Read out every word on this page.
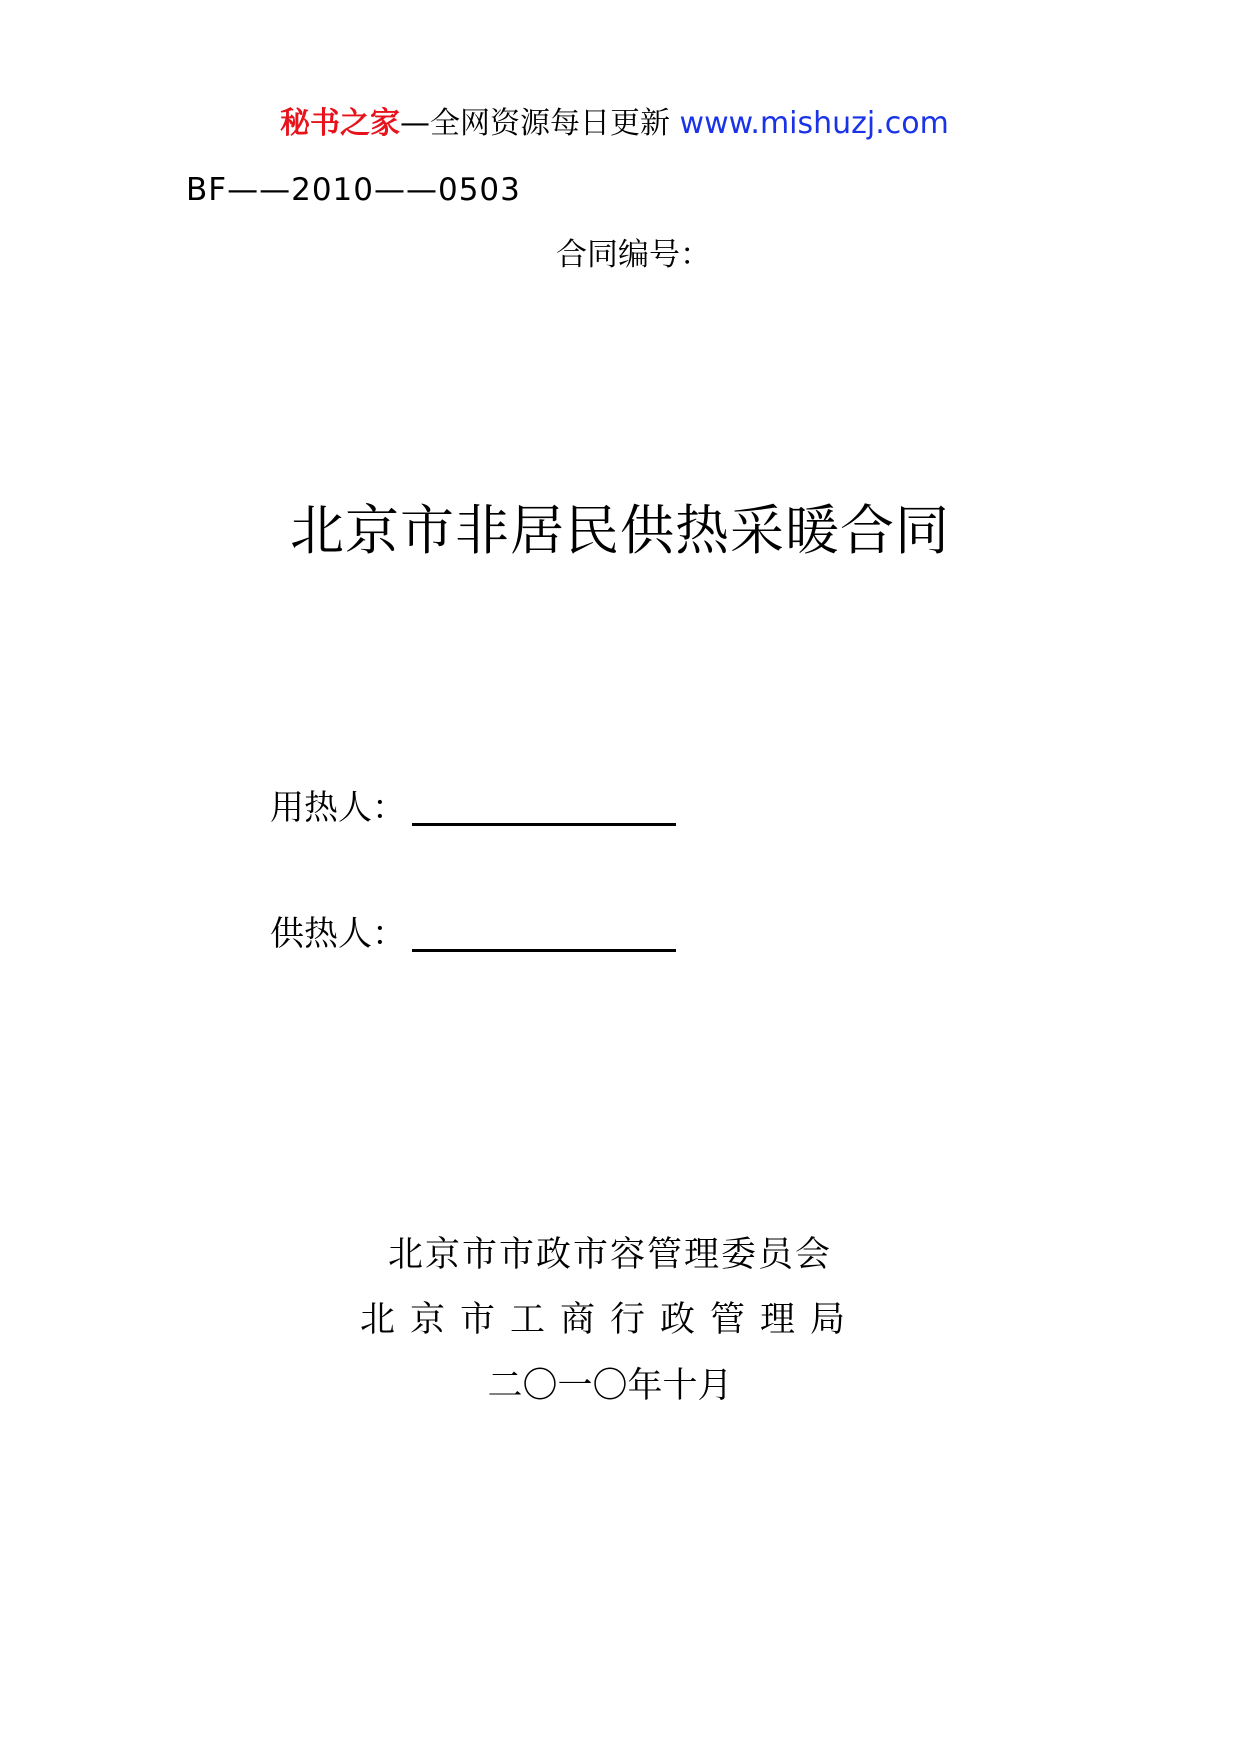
秘书之家—全网资源每日更新 www.mishuzj.com
BF——2010——0503
合同编号：
北京市非居民供热采暖合同
用热人：
供热人：
北京市市政市容管理委员会
北京市工商行政管理局
二〇一〇年十月
